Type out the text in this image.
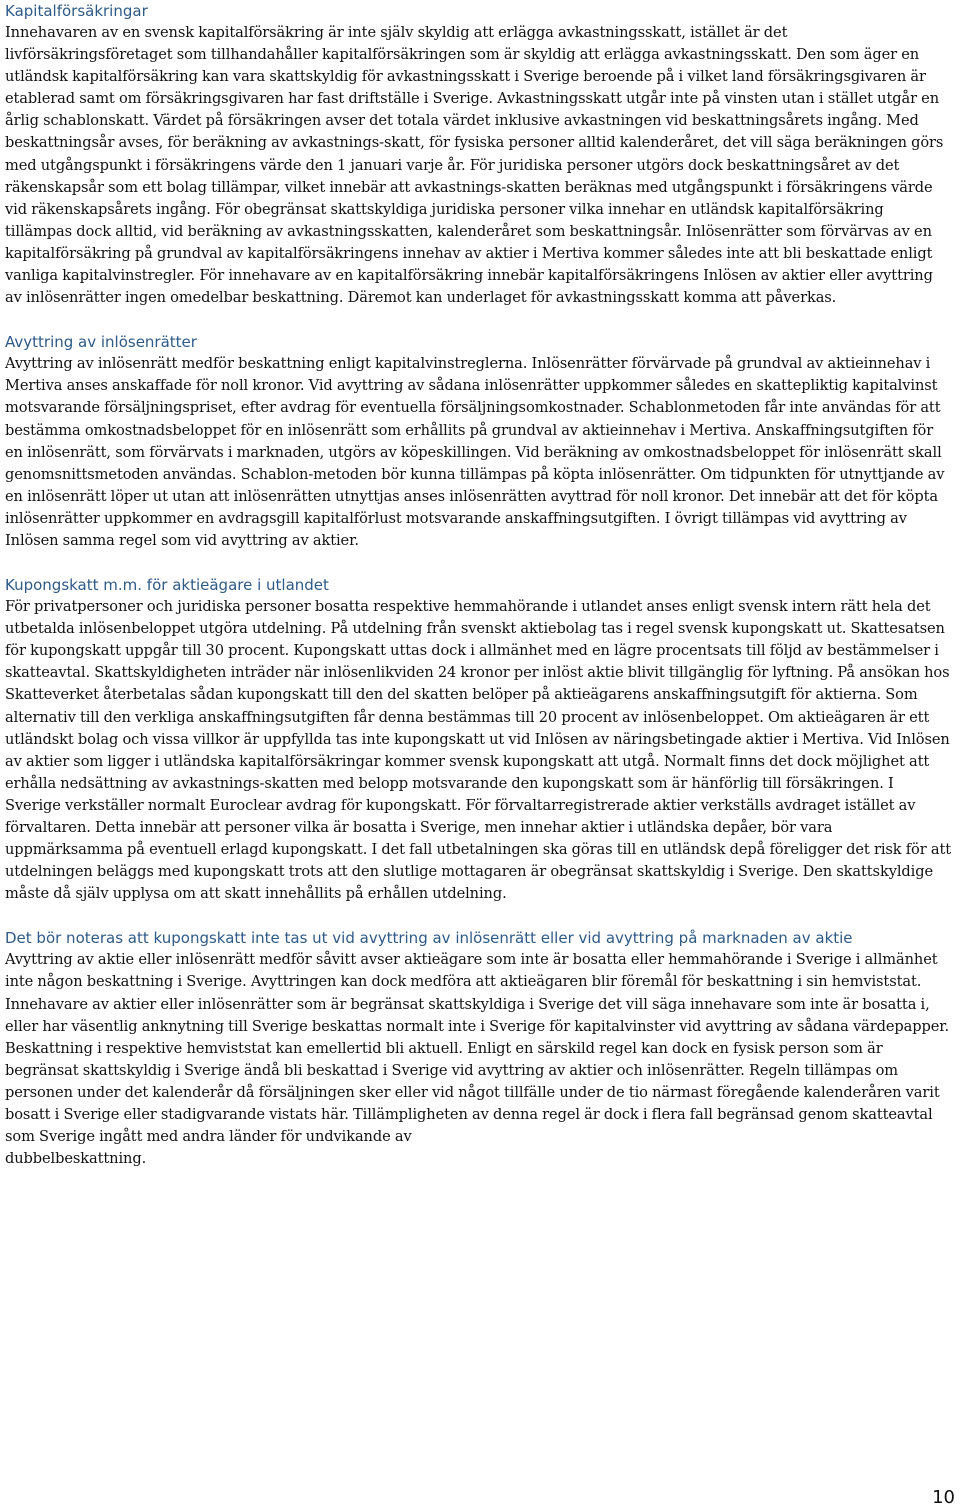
Kapitalförsäkringar

Innehavaren av en svensk kapitalförsäkring är inte själv skyldig att erlägga avkastningsskatt, istället är det livförsäkringsföretaget som tillhandahåller kapitalförsäkringen som är skyldig att erlägga avkastningsskatt. Den som äger en utländsk kapitalförsäkring kan vara skattskyldig för avkastningsskatt i Sverige beroende på i vilket land försäkringsgivaren är etablerad samt om försäkringsgivaren har fast driftställe i Sverige. Avkastningsskatt utgår inte på vinsten utan i stället utgår en årlig schablonskatt. Värdet på försäkringen avser det totala värdet inklusive avkastningen vid beskattningsårets ingång. Med beskattningsår avses, för beräkning av avkastnings-skatt, för fysiska personer alltid kalenderåret, det vill säga beräkningen görs med utgångspunkt i försäkringens värde den 1 januari varje år. För juridiska personer utgörs dock beskattningsåret av det räkenskapsår som ett bolag tillämpar, vilket innebär att avkastnings-skatten beräknas med utgångspunkt i försäkringens värde vid räkenskapsårets ingång. För obegränsat skattskyldiga juridiska personer vilka innehar en utländsk kapitalförsäkring tillämpas dock alltid, vid beräkning av avkastningsskatten, kalenderåret som beskattningsår. Inlösenrätter som förvärvas av en kapitalförsäkring på grundval av kapitalförsäkringens innehav av aktier i Mertiva kommer således inte att bli beskattade enligt vanliga kapitalvinstregler. För innehavare av en kapitalförsäkring innebär kapitalförsäkringens Inlösen av aktier eller avyttring av inlösenrätter ingen omedelbar beskattning. Däremot kan underlaget för avkastningsskatt komma att påverkas.

Avyttring av inlösenrätter

Avyttring av inlösenrätt medför beskattning enligt kapitalvinstreglerna. Inlösenrätter förvärvade på grundval av aktieinnehav i Mertiva anses anskaffade för noll kronor. Vid avyttring av sådana inlösenrätter uppkommer således en skattepliktig kapitalvinst motsvarande försäljningspriset, efter avdrag för eventuella försäljningsomkostnader. Schablonmetoden får inte användas för att bestämma omkostnadsbeloppet för en inlösenrätt som erhållits på grundval av aktieinnehav i Mertiva. Anskaffningsutgiften för en inlösenrätt, som förvärvats i marknaden, utgörs av köpeskillingen. Vid beräkning av omkostnadsbeloppet för inlösenrätt skall genomsnittsmetoden användas. Schablon-metoden bör kunna tillämpas på köpta inlösenrätter. Om tidpunkten för utnyttjande av en inlösenrätt löper ut utan att inlösenrätten utnyttjas anses inlösenrätten avyttrad för noll kronor. Det innebär att det för köpta inlösenrätter uppkommer en avdragsgill kapitalförlust motsvarande anskaffningsutgiften. I övrigt tillämpas vid avyttring av Inlösen samma regel som vid avyttring av aktier.

Kupongskatt m.m. för aktieägare i utlandet

För privatpersoner och juridiska personer bosatta respektive hemmahörande i utlandet anses enligt svensk intern rätt hela det utbetalda inlösenbeloppet utgöra utdelning. På utdelning från svenskt aktiebolag tas i regel svensk kupongskatt ut. Skattesatsen för kupongskatt uppgår till 30 procent. Kupongskatt uttas dock i allmänhet med en lägre procentsats till följd av bestämmelser i skatteavtal. Skattskyldigheten inträder när inlösenlikviden 24 kronor per inlöst aktie blivit tillgänglig för lyftning. På ansökan hos Skatteverket återbetalas sådan kupongskatt till den del skatten belöper på aktieägarens anskaffningsutgift för aktierna. Som alternativ till den verkliga anskaffningsutgiften får denna bestämmas till 20 procent av inlösenbeloppet. Om aktieägaren är ett utländskt bolag och vissa villkor är uppfyllda tas inte kupongskatt ut vid Inlösen av näringsbetingade aktier i Mertiva. Vid Inlösen av aktier som ligger i utländska kapitalförsäkringar kommer svensk kupongskatt att utgå. Normalt finns det dock möjlighet att erhålla nedsättning av avkastnings-skatten med belopp motsvarande den kupongskatt som är hänförlig till försäkringen. I Sverige verkställer normalt Euroclear avdrag för kupongskatt. För förvaltarregistrerade aktier verkställs avdraget istället av förvaltaren. Detta innebär att personer vilka är bosatta i Sverige, men innehar aktier i utländska depåer, bör vara uppmärksamma på eventuell erlagd kupongskatt. I det fall utbetalningen ska göras till en utländsk depå föreligger det risk för att utdelningen beläggs med kupongskatt trots att den slutlige mottagaren är obegränsat skattskyldig i Sverige. Den skattskyldige måste då själv upplysa om att skatt innehållits på erhållen utdelning.

Det bör noteras att kupongskatt inte tas ut vid avyttring av inlösenrätt eller vid avyttring på marknaden av aktie

Avyttring av aktie eller inlösenrätt medför såvitt avser aktieägare som inte är bosatta eller hemmahörande i Sverige i allmänhet inte någon beskattning i Sverige. Avyttringen kan dock medföra att aktieägaren blir föremål för beskattning i sin hemviststat. Innehavare av aktier eller inlösenrätter som är begränsat skattskyldiga i Sverige det vill säga innehavare som inte är bosatta i, eller har väsentlig anknytning till Sverige beskattas normalt inte i Sverige för kapitalvinster vid avyttring av sådana värdepapper. Beskattning i respektive hemviststat kan emellertid bli aktuell. Enligt en särskild regel kan dock en fysisk person som är begränsat skattskyldig i Sverige ändå bli beskattad i Sverige vid avyttring av aktier och inlösenrätter. Regeln tillämpas om personen under det kalenderår då försäljningen sker eller vid något tillfälle under de tio närmast föregående kalenderåren varit bosatt i Sverige eller stadigvarande vistats här. Tillämpligheten av denna regel är dock i flera fall begränsad genom skatteavtal som Sverige ingått med andra länder för undvikande av

dubbelbeskattning.

10
